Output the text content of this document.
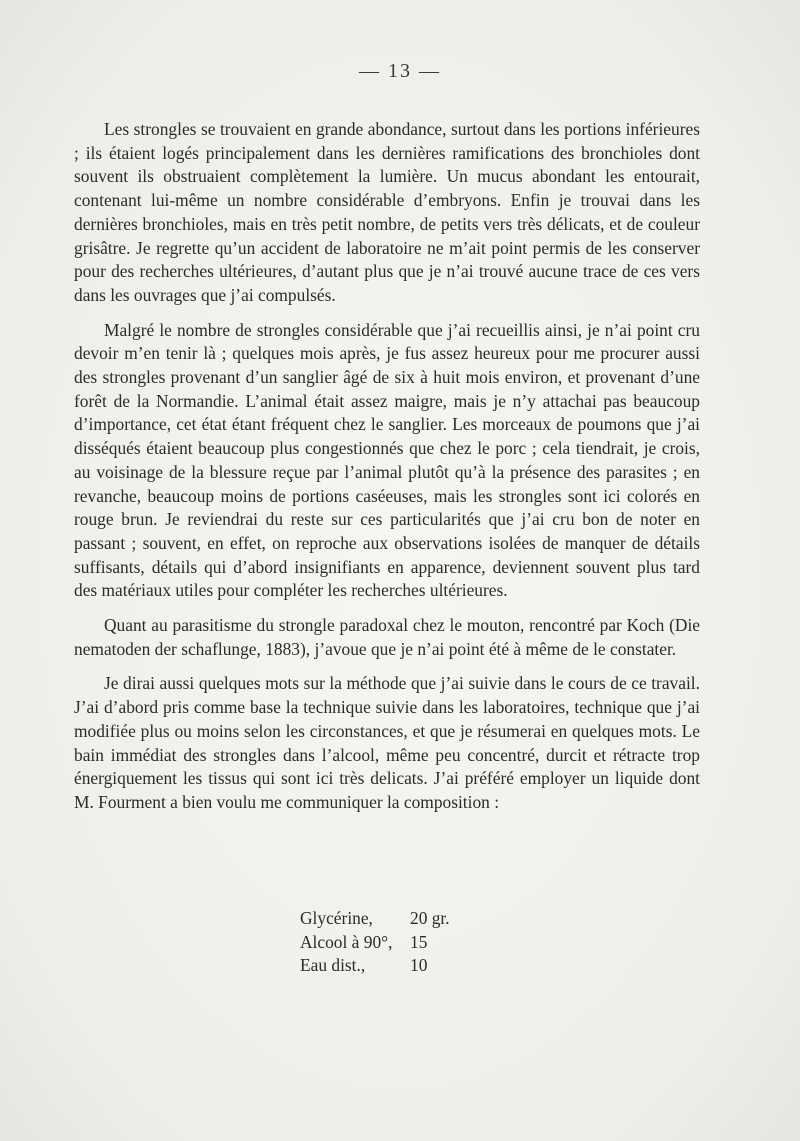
— 13 —

Les strongles se trouvaient en grande abondance, surtout dans les portions inférieures ; ils étaient logés principalement dans les dernières ramifications des bronchioles dont souvent ils obstruaient complètement la lumière. Un mucus abondant les entourait, contenant lui-même un nombre considérable d’embryons. Enfin je trouvai dans les dernières bronchioles, mais en très petit nombre, de petits vers très délicats, et de couleur grisâtre. Je regrette qu’un accident de laboratoire ne m’ait point permis de les conserver pour des recherches ultérieures, d’autant plus que je n’ai trouvé aucune trace de ces vers dans les ouvrages que j’ai compulsés.

Malgré le nombre de strongles considérable que j’ai recueillis ainsi, je n’ai point cru devoir m’en tenir là ; quelques mois après, je fus assez heureux pour me procurer aussi des strongles provenant d’un sanglier âgé de six à huit mois environ, et provenant d’une forêt de la Normandie. L’animal était assez maigre, mais je n’y attachai pas beaucoup d’importance, cet état étant fréquent chez le sanglier. Les morceaux de poumons que j’ai disséqués étaient beaucoup plus congestionnés que chez le porc ; cela tiendrait, je crois, au voisinage de la blessure reçue par l’animal plutôt qu’à la présence des parasites ; en revanche, beaucoup moins de portions caséeuses, mais les strongles sont ici colorés en rouge brun. Je reviendrai du reste sur ces particularités que j’ai cru bon de noter en passant ; souvent, en effet, on reproche aux observations isolées de manquer de détails suffisants, détails qui d’abord insignifiants en apparence, deviennent souvent plus tard des matériaux utiles pour compléter les recherches ultérieures.

Quant au parasitisme du strongle paradoxal chez le mouton, rencontré par Koch (Die nematoden der schaflunge, 1883), j’avoue que je n’ai point été à même de le constater.

Je dirai aussi quelques mots sur la méthode que j’ai suivie dans le cours de ce travail. J’ai d’abord pris comme base la technique suivie dans les laboratoires, technique que j’ai modifiée plus ou moins selon les circonstances, et que je résumerai en quelques mots. Le bain immédiat des strongles dans l’alcool, même peu concentré, durcit et rétracte trop énergiquement les tissus qui sont ici très delicats. J’ai préféré employer un liquide dont M. Fourment a bien voulu me communiquer la composition :

Glycérine,	20 gr.
Alcool à 90°,	15
Eau dist.,	10
